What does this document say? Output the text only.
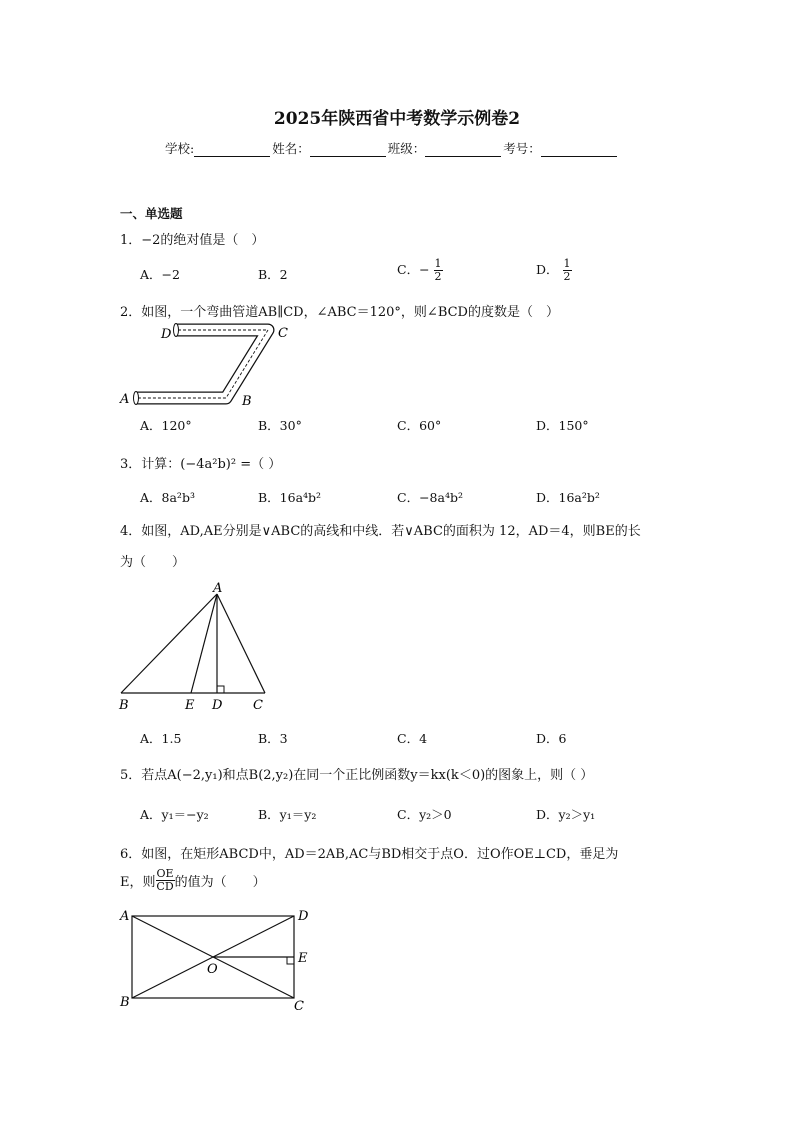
2025年陕西省中考数学示例卷2
学校:	姓名：	班级：	考号：
一、单选题
1．−2的绝对值是（　）
A．−2	B．2	C．− $\frac{1}{2}$	D． $\frac{1}{2}$
2．如图，一个弯曲管道AB∥CD，∠ABC＝120°，则∠BCD的度数是（　）
D	C
A	B
A．120°	B．30°	C．60°	D．150°
3．计算：(−4a²b)² =（ ）
A．8a²b³	B．16a⁴b²	C．−8a⁴b²	D．16a²b²
4．如图，AD,AE分别是∨ABC的高线和中线．若∨ABC的面积为 12，AD＝4，则BE的长
为（　　）
A
B	E D C
A．1.5	B．3	C．4	D．6
5．若点A(−2,y₁)和点B(2,y₂)在同一个正比例函数y＝kx(k＜0)的图象上，则（ ）
A．y₁＝−y₂	B．y₁＝y₂	C．y₂＞0	D．y₂＞y₁
6．如图，在矩形ABCD中，AD＝2AB,AC与BD相交于点O．过O作OE⊥CD，垂足为
E，则 $\frac{OE}{CD}$ 的值为（　　）
A	D
E
O
B	C
